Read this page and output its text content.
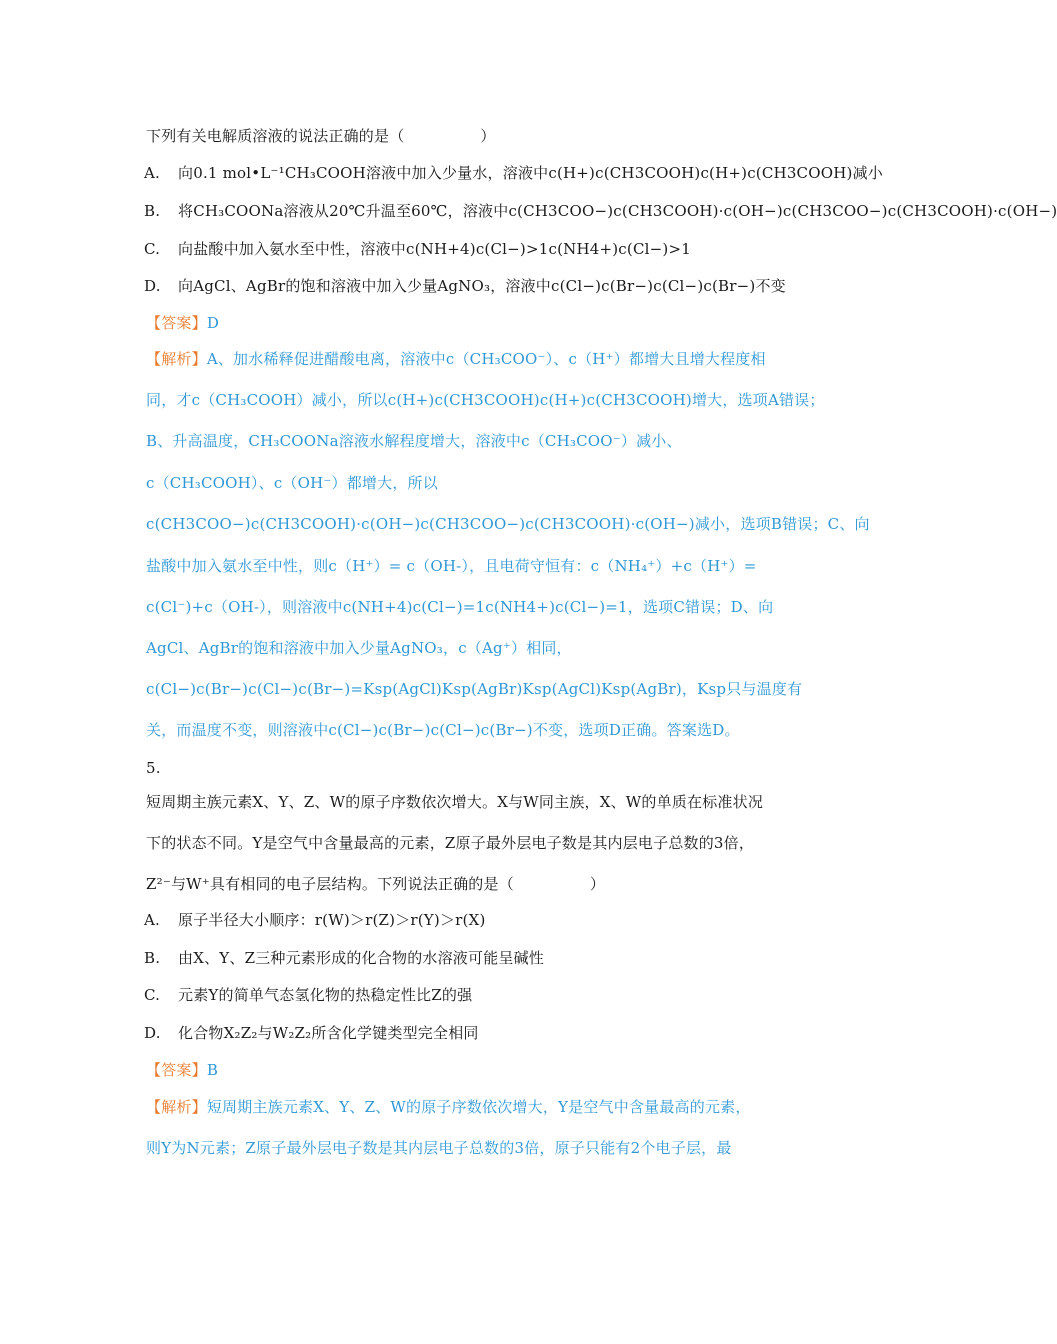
下列有关电解质溶液的说法正确的是（　　　　　）
A. 向0.1 mol•L⁻¹CH₃COOH溶液中加入少量水，溶液中c(H+)c(CH3COOH)c(H+)c(CH3COOH)减小
B. 将CH₃COONa溶液从20℃升温至60℃，溶液中c(CH3COO−)c(CH3COOH)·c(OH−)c(CH3COO−)c(CH3COOH)·c(OH−)
C. 向盐酸中加入氨水至中性，溶液中c(NH+4)c(Cl−)>1c(NH4+)c(Cl−)>1
D. 向AgCl、AgBr的饱和溶液中加入少量AgNO₃，溶液中c(Cl−)c(Br−)c(Cl−)c(Br−)不变
【答案】D
【解析】A、加水稀释促进醋酸电离，溶液中c（CH₃COO⁻）、c（H⁺）都增大且增大程度相
同，才c（CH₃COOH）减小，所以c(H+)c(CH3COOH)c(H+)c(CH3COOH)增大，选项A错误；
B、升高温度，CH₃COONa溶液水解程度增大，溶液中c（CH₃COO⁻）减小、
c（CH₃COOH）、c（OH⁻）都增大，所以
c(CH3COO−)c(CH3COOH)·c(OH−)c(CH3COO−)c(CH3COOH)·c(OH−)减小，选项B错误；C、向
盐酸中加入氨水至中性，则c（H⁺）= c（OH-），且电荷守恒有：c（NH₄⁺）+c（H⁺）=
c(Cl⁻)+c（OH-），则溶液中c(NH+4)c(Cl−)=1c(NH4+)c(Cl−)=1，选项C错误；D、向
AgCl、AgBr的饱和溶液中加入少量AgNO₃，c（Ag⁺）相同，
c(Cl−)c(Br−)c(Cl−)c(Br−)=Ksp(AgCl)Ksp(AgBr)Ksp(AgCl)Ksp(AgBr)，Ksp只与温度有
关，而温度不变，则溶液中c(Cl−)c(Br−)c(Cl−)c(Br−)不变，选项D正确。答案选D。
5.
短周期主族元素X、Y、Z、W的原子序数依次增大。X与W同主族，X、W的单质在标准状况
下的状态不同。Y是空气中含量最高的元素，Z原子最外层电子数是其内层电子总数的3倍，
Z²⁻与W⁺具有相同的电子层结构。下列说法正确的是（　　　　　）
A. 原子半径大小顺序：r(W)＞r(Z)＞r(Y)＞r(X)
B. 由X、Y、Z三种元素形成的化合物的水溶液可能呈碱性
C. 元素Y的简单气态氢化物的热稳定性比Z的强
D. 化合物X₂Z₂与W₂Z₂所含化学键类型完全相同
【答案】B
【解析】短周期主族元素X、Y、Z、W的原子序数依次增大，Y是空气中含量最高的元素，
则Y为N元素；Z原子最外层电子数是其内层电子总数的3倍，原子只能有2个电子层，最
